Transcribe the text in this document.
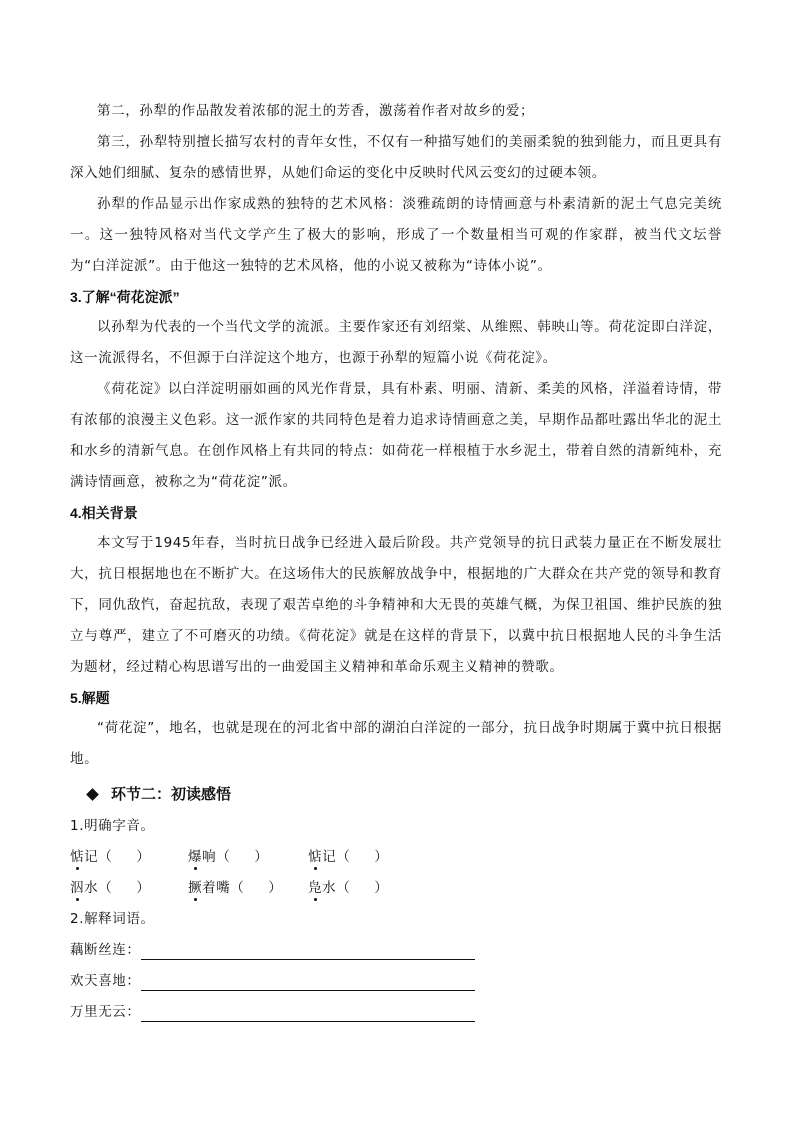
第二，孙犁的作品散发着浓郁的泥土的芳香，激荡着作者对故乡的爱；

第三，孙犁特别擅长描写农村的青年女性，不仅有一种描写她们的美丽柔貌的独到能力，而且更具有深入她们细腻、复杂的感情世界，从她们命运的变化中反映时代风云变幻的过硬本领。

孙犁的作品显示出作家成熟的独特的艺术风格：淡雅疏朗的诗情画意与朴素清新的泥土气息完美统一。这一独特风格对当代文学产生了极大的影响，形成了一个数量相当可观的作家群，被当代文坛誉为“白洋淀派”。由于他这一独特的艺术风格，他的小说又被称为“诗体小说”。

3.了解“荷花淀派”

以孙犁为代表的一个当代文学的流派。主要作家还有刘绍棠、从维熙、韩映山等。荷花淀即白洋淀，这一流派得名，不但源于白洋淀这个地方，也源于孙犁的短篇小说《荷花淀》。

《荷花淀》以白洋淀明丽如画的风光作背景，具有朴素、明丽、清新、柔美的风格，洋溢着诗情，带有浓郁的浪漫主义色彩。这一派作家的共同特色是着力追求诗情画意之美，早期作品都吐露出华北的泥土和水乡的清新气息。在创作风格上有共同的特点：如荷花一样根植于水乡泥土，带着自然的清新纯朴，充满诗情画意，被称之为“荷花淀”派。

4.相关背景

本文写于1945年春，当时抗日战争已经进入最后阶段。共产党领导的抗日武装力量正在不断发展壮大，抗日根据地也在不断扩大。在这场伟大的民族解放战争中，根据地的广大群众在共产党的领导和教育下，同仇敌忾，奋起抗敌，表现了艰苦卓绝的斗争精神和大无畏的英雄气概，为保卫祖国、维护民族的独立与尊严，建立了不可磨灭的功绩。《荷花淀》就是在这样的背景下，以冀中抗日根据地人民的斗争生活为题材，经过精心构思谱写出的一曲爱国主义精神和革命乐观主义精神的赞歌。

5.解题

“荷花淀”，地名，也就是现在的河北省中部的湖泊白洋淀的一部分，抗日战争时期属于冀中抗日根据地。

环节二：初读感悟

1.明确字音。

惦 记（ ）	爆 响（ ）	惦 记（ ）
泅 水（ ）	撅 着嘴（ ） 凫 水（ ）

2.解释词语。

藕断丝连：
欢天喜地：
万里无云：
